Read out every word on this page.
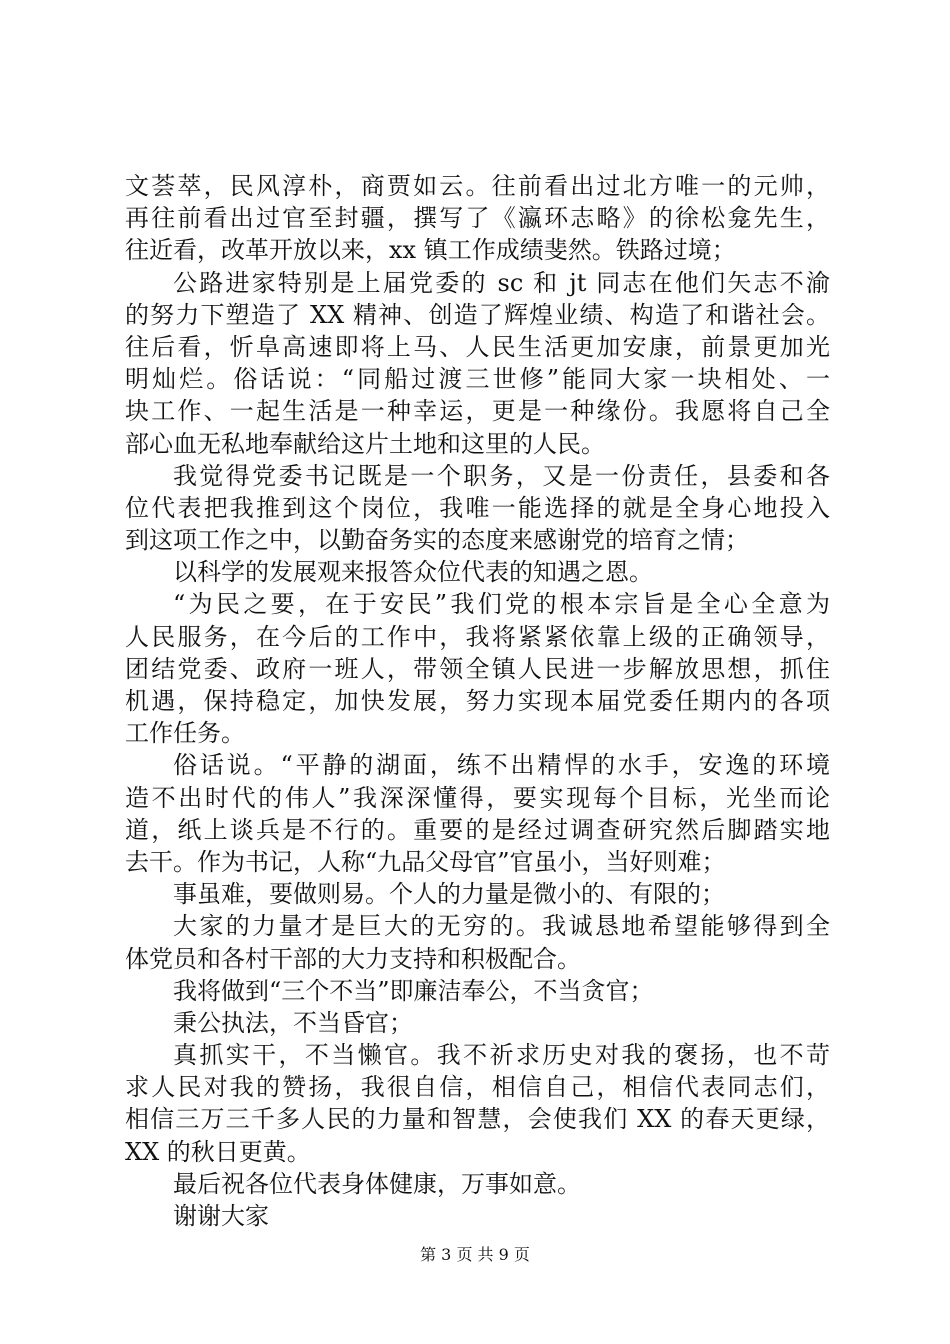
文荟萃，民风淳朴，商贾如云。往前看出过北方唯一的元帅，
再往前看出过官至封疆，撰写了《瀛环志略》的徐松龛先生，
往近看，改革开放以来，xx 镇工作成绩斐然。铁路过境；
公路进家特别是上届党委的 sc 和 jt 同志在他们矢志不渝
的努力下塑造了 XX 精神、创造了辉煌业绩、构造了和谐社会。
往后看，忻阜高速即将上马、人民生活更加安康，前景更加光
明灿烂。俗话说：“同船过渡三世修”能同大家一块相处、一
块工作、一起生活是一种幸运，更是一种缘份。我愿将自己全
部心血无私地奉献给这片土地和这里的人民。
我觉得党委书记既是一个职务，又是一份责任，县委和各
位代表把我推到这个岗位，我唯一能选择的就是全身心地投入
到这项工作之中，以勤奋务实的态度来感谢党的培育之情；
以科学的发展观来报答众位代表的知遇之恩。
“为民之要，在于安民”我们党的根本宗旨是全心全意为
人民服务，在今后的工作中，我将紧紧依靠上级的正确领导，
团结党委、政府一班人，带领全镇人民进一步解放思想，抓住
机遇，保持稳定，加快发展，努力实现本届党委任期内的各项
工作任务。
俗话说。“平静的湖面，练不出精悍的水手，安逸的环境
造不出时代的伟人”我深深懂得，要实现每个目标，光坐而论
道，纸上谈兵是不行的。重要的是经过调查研究然后脚踏实地
去干。作为书记，人称“九品父母官”官虽小，当好则难；
事虽难，要做则易。个人的力量是微小的、有限的；
大家的力量才是巨大的无穷的。我诚恳地希望能够得到全
体党员和各村干部的大力支持和积极配合。
我将做到“三个不当”即廉洁奉公，不当贪官；
秉公执法，不当昏官；
真抓实干，不当懒官。我不祈求历史对我的褒扬，也不苛
求人民对我的赞扬，我很自信，相信自己，相信代表同志们，
相信三万三千多人民的力量和智慧，会使我们 XX 的春天更绿，
XX 的秋日更黄。
最后祝各位代表身体健康，万事如意。
谢谢大家
第 3 页 共 9 页
